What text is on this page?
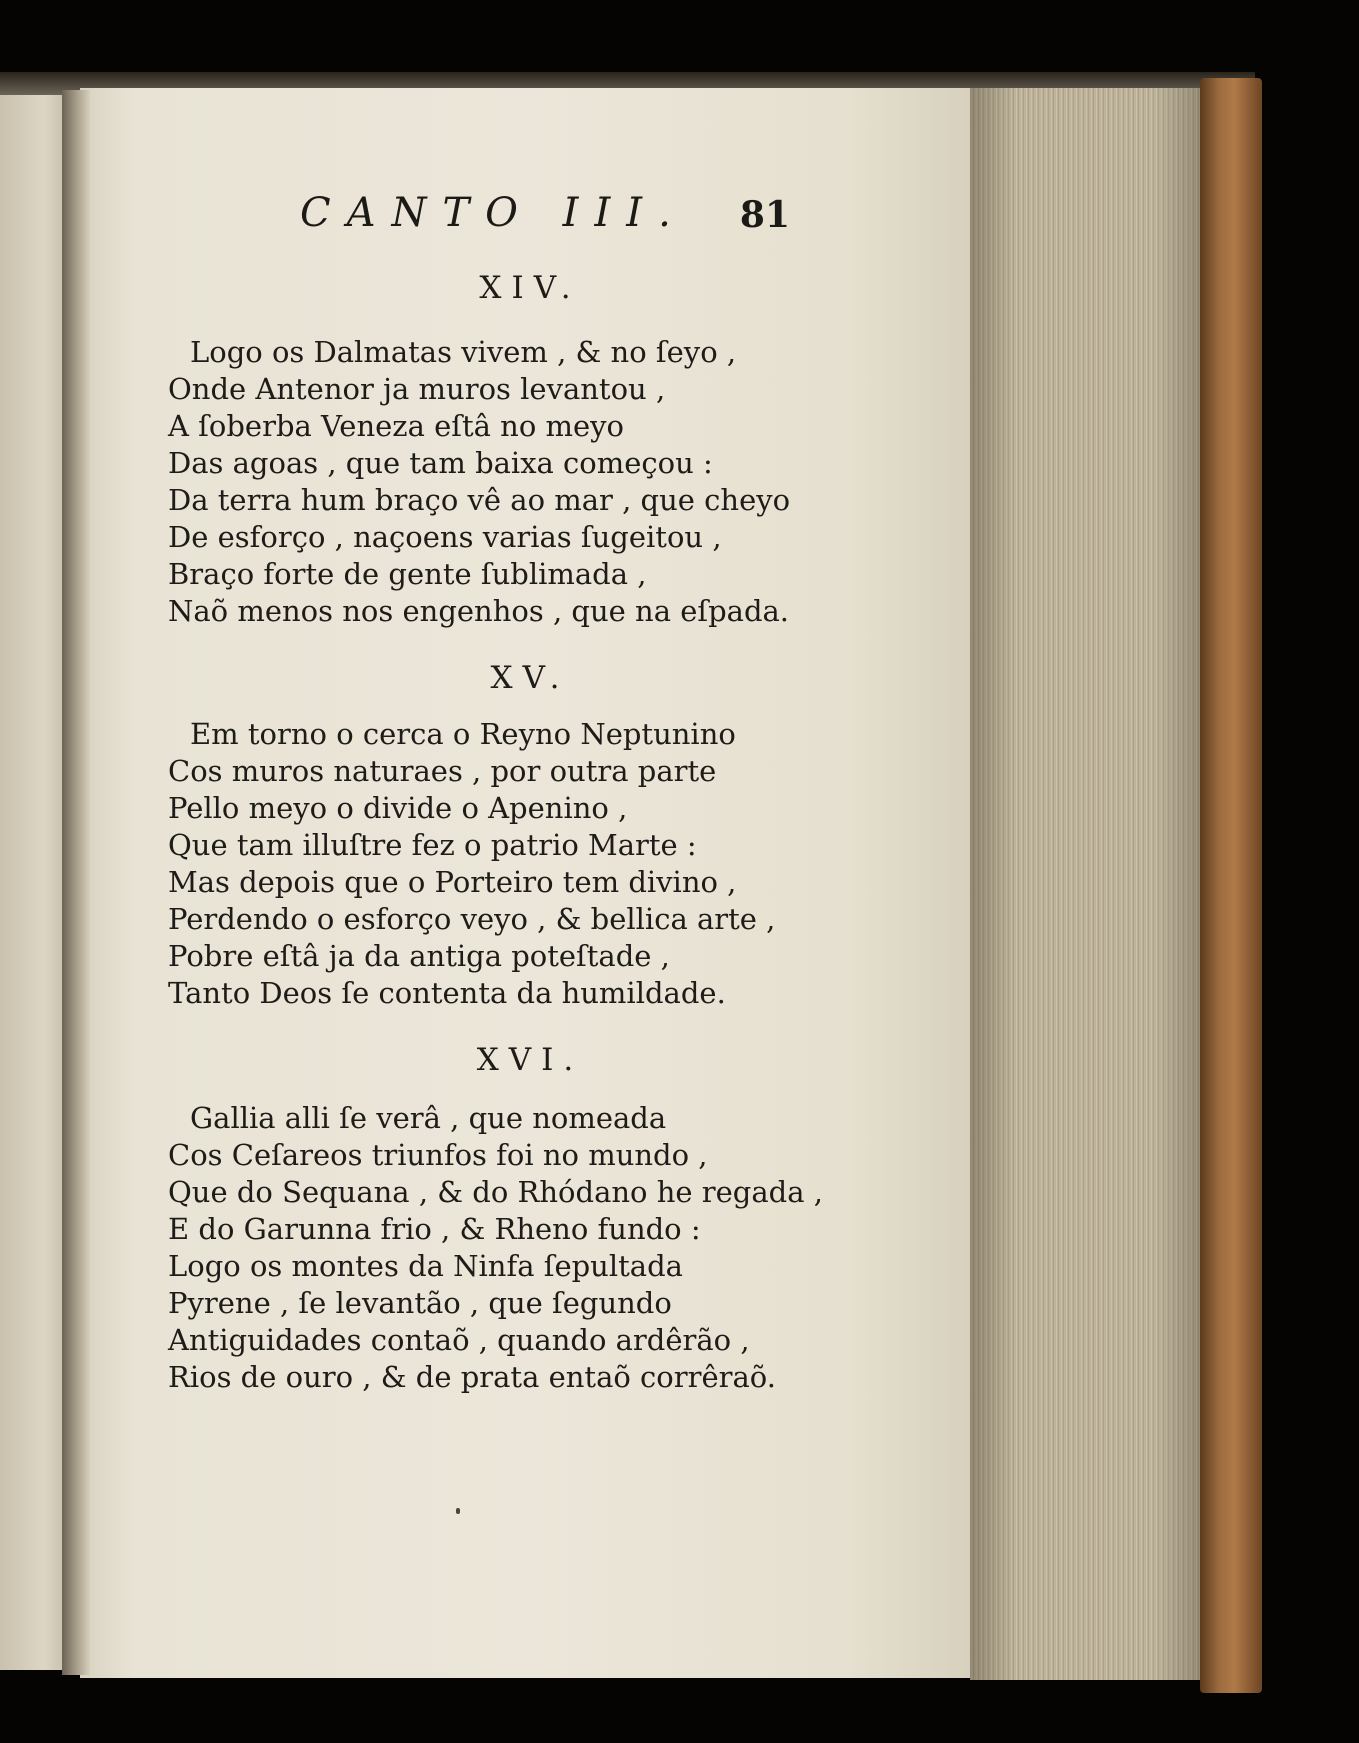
CANTO III. 81
XIV.
Logo os Dalmatas vivem , & no ſeyo ,
Onde Antenor ja muros levantou ,
A ſoberba Veneza eſtâ no meyo
Das agoas , que tam baixa começou :
Da terra hum braço vê ao mar , que cheyo
De esforço , naçoens varias ſugeitou ,
Braço forte de gente ſublimada ,
Naõ menos nos engenhos , que na eſpada.
XV.
Em torno o cerca o Reyno Neptunino
Cos muros naturaes , por outra parte
Pello meyo o divide o Apenino ,
Que tam illuſtre fez o patrio Marte :
Mas depois que o Porteiro tem divino ,
Perdendo o esforço veyo , & bellica arte ,
Pobre eſtâ ja da antiga poteſtade ,
Tanto Deos ſe contenta da humildade.
XVI.
Gallia alli ſe verâ , que nomeada
Cos Ceſareos triunfos foi no mundo ,
Que do Sequana , & do Rhódano he regada ,
E do Garunna frio , & Rheno fundo :
Logo os montes da Ninfa ſepultada
Pyrene , ſe levantão , que ſegundo
Antiguidades contaõ , quando ardêrão ,
Rios de ouro , & de prata entaõ corrêraõ.
